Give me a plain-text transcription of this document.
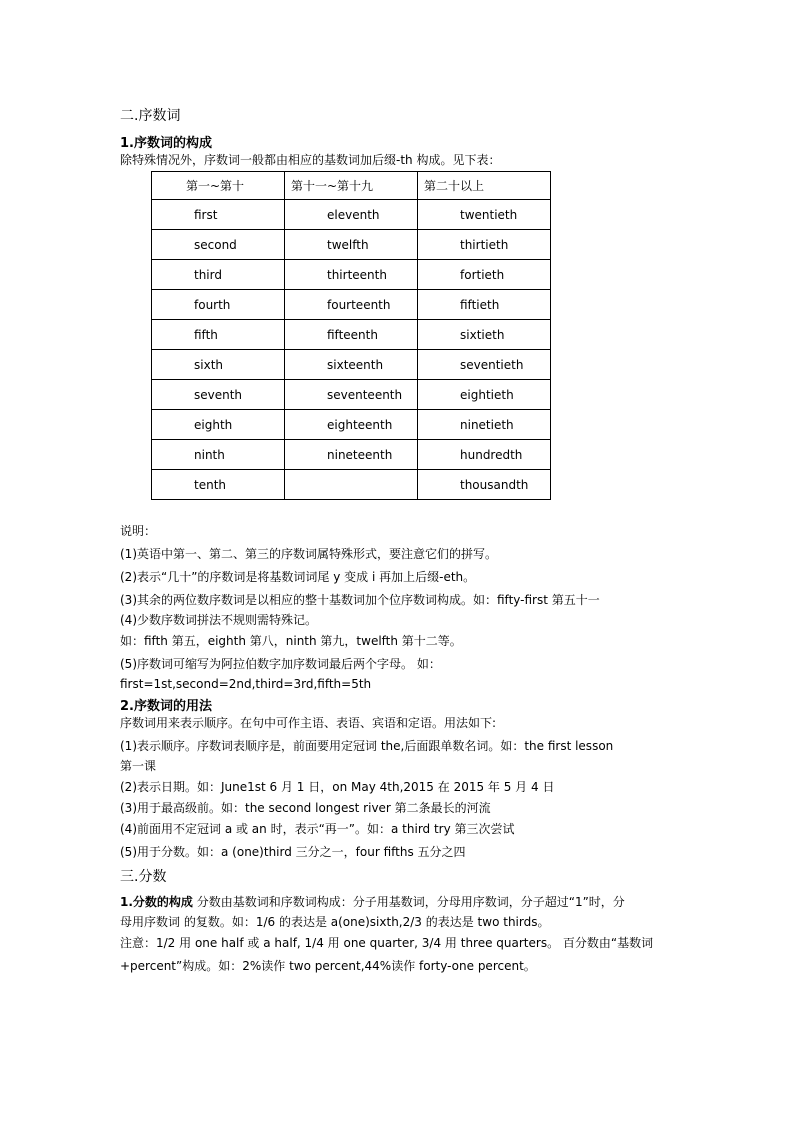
二.序数词
1.序数词的构成
除特殊情况外，序数词一般都由相应的基数词加后缀-th 构成。见下表：
第一~第十	第十一~第十九	第二十以上
first	eleventh	twentieth
second	twelfth	thirtieth
third	thirteenth	fortieth
fourth	fourteenth	fiftieth
fifth	fifteenth	sixtieth
sixth	sixteenth	seventieth
seventh	seventeenth	eightieth
eighth	eighteenth	ninetieth
ninth	nineteenth	hundredth
tenth		thousandth
说明：
(1)英语中第一、第二、第三的序数词属特殊形式，要注意它们的拼写。
(2)表示“几十”的序数词是将基数词词尾 y 变成 i 再加上后缀-eth。
(3)其余的两位数序数词是以相应的整十基数词加个位序数词构成。如：fifty-first 第五十一
(4)少数序数词拼法不规则需特殊记。
如：fifth 第五，eighth 第八，ninth 第九，twelfth 第十二等。
(5)序数词可缩写为阿拉伯数字加序数词最后两个字母。 如：
first=1st,second=2nd,third=3rd,fifth=5th
2.序数词的用法
序数词用来表示顺序。在句中可作主语、表语、宾语和定语。用法如下:
(1)表示顺序。序数词表顺序是，前面要用定冠词 the,后面跟单数名词。如：the first lesson
第一课
(2)表示日期。如：June1st 6 月 1 日，on May 4th,2015 在 2015 年 5 月 4 日
(3)用于最高级前。如：the second longest river 第二条最长的河流
(4)前面用不定冠词 a 或 an 时，表示“再一”。如：a third try 第三次尝试
(5)用于分数。如：a (one)third 三分之一，four fifths 五分之四
三.分数
1.分数的构成 分数由基数词和序数词构成：分子用基数词，分母用序数词，分子超过“1”时，分
母用序数词 的复数。如：1/6 的表达是 a(one)sixth,2/3 的表达是 two thirds。
注意：1/2 用 one half 或 a half, 1/4 用 one quarter, 3/4 用 three quarters。 百分数由“基数词
+percent”构成。如：2%读作 two percent,44%读作 forty-one percent。
